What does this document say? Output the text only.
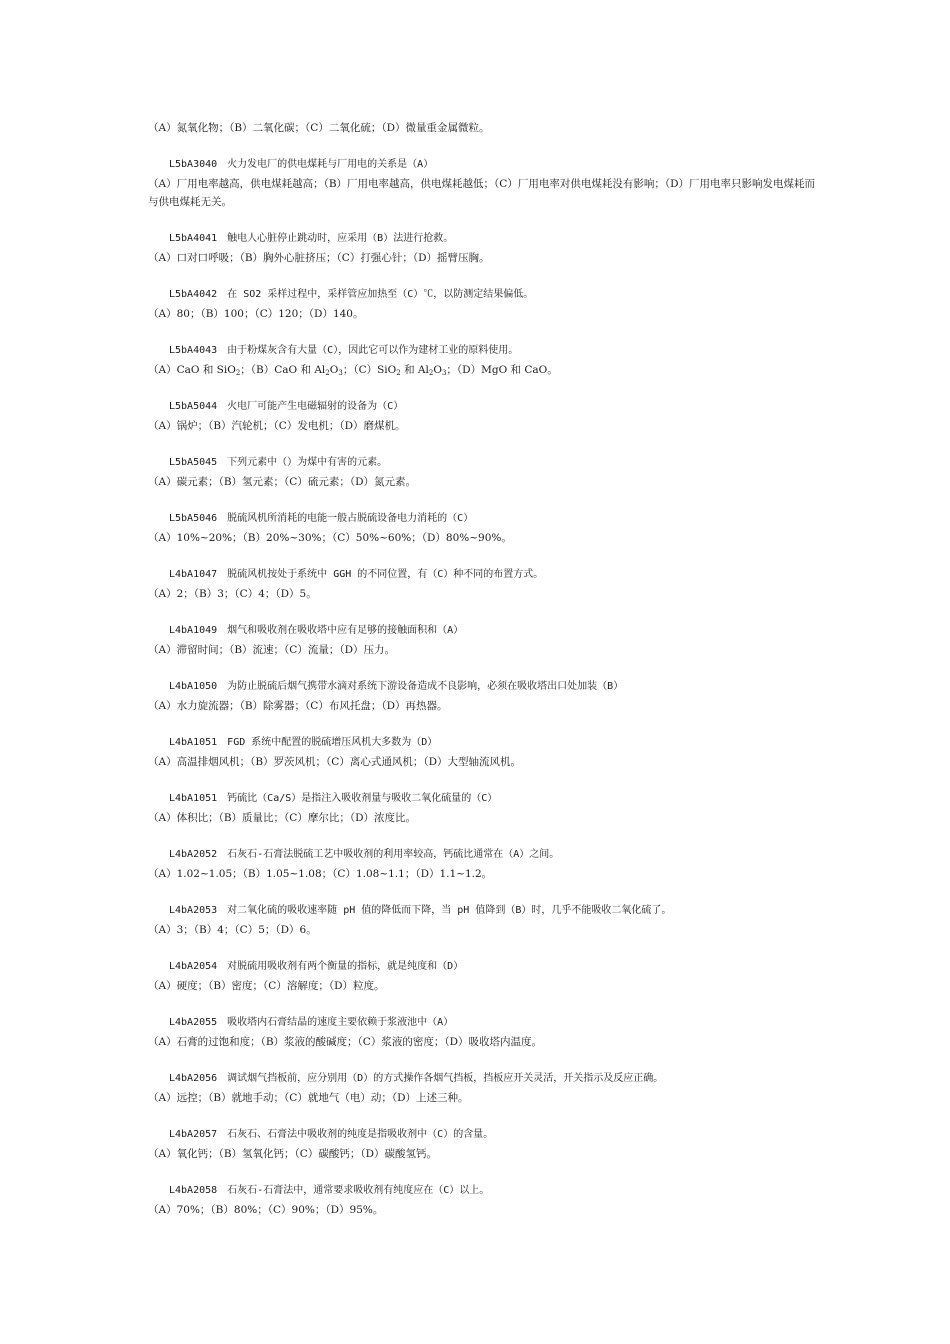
（A）氮氧化物；（B）二氧化碳；（C）二氧化硫；（D）微量重金属微粒。

L5bA3040 火力发电厂的供电煤耗与厂用电的关系是（A）

（A）厂用电率越高，供电煤耗越高；（B）厂用电率越高，供电煤耗越低；（C）厂用电率对供电煤耗没有影响；（D）厂用电率只影响发电煤耗而与供电煤耗无关。

L5bA4041 触电人心脏停止跳动时，应采用（B）法进行抢救。

（A）口对口呼吸；（B）胸外心脏挤压；（C）打强心针；（D）摇臂压胸。

L5bA4042 在 SO2 采样过程中，采样管应加热至（C）℃，以防测定结果偏低。

（A）80；（B）100；（C）120；（D）140。

L5bA4043 由于粉煤灰含有大量（C），因此它可以作为建材工业的原料使用。

（A）CaO 和 SiO$_2$；（B）CaO 和 $Al_2O_3$；（C）SiO$_2$ 和 $Al_2O_3$；（D）MgO 和 CaO。

L5bA5044 火电厂可能产生电磁辐射的设备为（C）

（A）锅炉；（B）汽轮机；（C）发电机；（D）磨煤机。

L5bA5045 下列元素中（）为煤中有害的元素。

（A）碳元素；（B）氢元素；（C）硫元素；（D）氮元素。

L5bA5046 脱硫风机所消耗的电能一般占脱硫设备电力消耗的（C）

（A）10%~20%；（B）20%~30%；（C）50%~60%；（D）80%~90%。

L4bA1047 脱硫风机按处于系统中 GGH 的不同位置，有（C）种不同的布置方式。

（A）2；（B）3；（C）4；（D）5。

L4bA1049 烟气和吸收剂在吸收塔中应有足够的接触面积和（A）

（A）滞留时间；（B）流速；（C）流量；（D）压力。

L4bA1050 为防止脱硫后烟气携带水滴对系统下游设备造成不良影响，必须在吸收塔出口处加装（B）

（A）水力旋流器；（B）除雾器；（C）布风托盘；（D）再热器。

L4bA1051 FGD 系统中配置的脱硫增压风机大多数为（D）

（A）高温排烟风机；（B）罗茨风机；（C）离心式通风机；（D）大型轴流风机。

L4bA1051 钙硫比（Ca/S）是指注入吸收剂量与吸收二氧化硫量的（C）

（A）体积比；（B）质量比；（C）摩尔比；（D）浓度比。

L4bA2052 石灰石-石膏法脱硫工艺中吸收剂的利用率较高，钙硫比通常在（A）之间。

（A）1.02~1.05；（B）1.05~1.08；（C）1.08~1.1；（D）1.1~1.2。

L4bA2053 对二氧化硫的吸收速率随 pH 值的降低而下降，当 pH 值降到（B）时，几乎不能吸收二氧化硫了。

（A）3；（B）4；（C）5；（D）6。

L4bA2054 对脱硫用吸收剂有两个衡量的指标，就是纯度和（D）

（A）硬度；（B）密度；（C）溶解度；（D）粒度。

L4bA2055 吸收塔内石膏结晶的速度主要依赖于浆液池中（A）

（A）石膏的过饱和度；（B）浆液的酸碱度；（C）浆液的密度；（D）吸收塔内温度。

L4bA2056 调试烟气挡板前，应分别用（D）的方式操作各烟气挡板，挡板应开关灵活，开关指示及反应正确。

（A）远控；（B）就地手动；（C）就地气（电）动；（D）上述三种。

L4bA2057 石灰石、石膏法中吸收剂的纯度是指吸收剂中（C）的含量。

（A）氧化钙；（B）氢氧化钙；（C）碳酸钙；（D）碳酸氢钙。

L4bA2058 石灰石-石膏法中，通常要求吸收剂有纯度应在（C）以上。

（A）70%；（B）80%；（C）90%；（D）95%。
